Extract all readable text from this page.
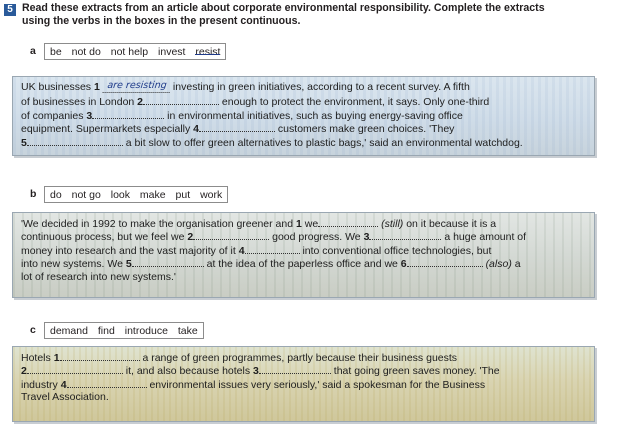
5 Read these extracts from an article about corporate environmental responsibility. Complete the extracts
using the verbs in the boxes in the present continuous.
a	be not do not help invest resist
UK businesses 1 are resisting investing in green initiatives, according to a recent survey. A fifth
of businesses in London 2	enough to protect the environment, it says. Only one-third
of companies 3	in environmental initiatives, such as buying energy-saving office
equipment. Supermarkets especially 4	customers make green choices. 'They
5	a bit slow to offer green alternatives to plastic bags,' said an environmental watchdog.
b	do not go look make put work
'We decided in 1992 to make the organisation greener and 1 we	(still) on it because it is a
continuous process, but we feel we 2	good progress. We 3	a huge amount of
money into research and the vast majority of it 4	into conventional office technologies, but
into new systems. We 5	at the idea of the paperless office and we 6	(also) a
lot of research into new systems.'
c	demand find introduce take
Hotels 1	a range of green programmes, partly because their business guests
2	it, and also because hotels 3	that going green saves money. 'The
industry 4	environmental issues very seriously,' said a spokesman for the Business
Travel Association.
